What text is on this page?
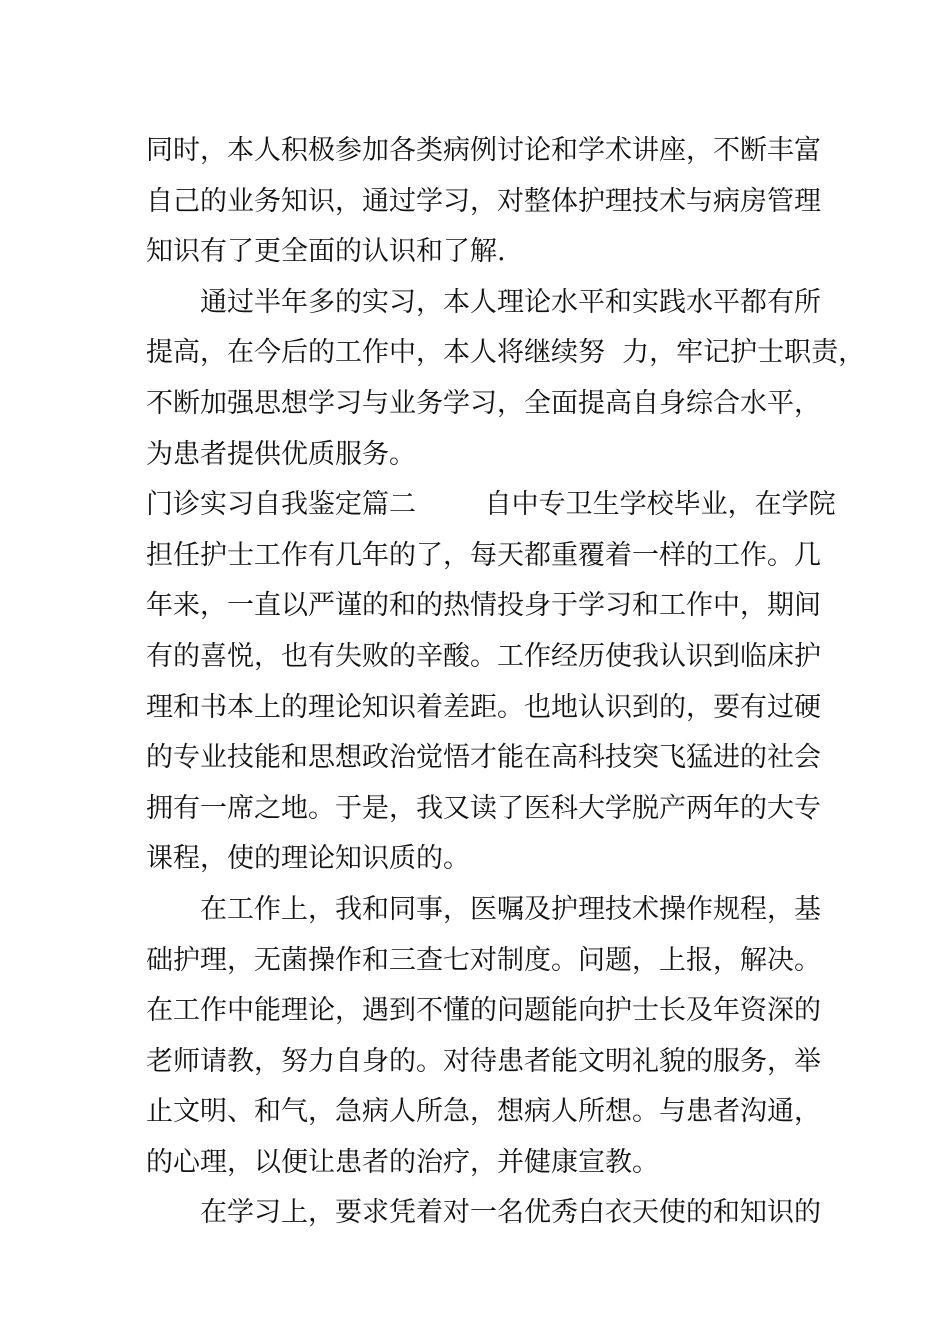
同时，本人积极参加各类病例讨论和学术讲座，不断丰富
自己的业务知识，通过学习，对整体护理技术与病房管理
知识有了更全面的认识和了解.
通过半年多的实习，本人理论水平和实践水平都有所
提高，在今后的工作中，本人将继续努  力，牢记护士职责，
不断加强思想学习与业务学习，全面提高自身综合水平，
为患者提供优质服务。
门诊实习自我鉴定篇二        自中专卫生学校毕业，在学院
担任护士工作有几年的了，每天都重覆着一样的工作。几
年来，一直以严谨的和的热情投身于学习和工作中，期间
有的喜悦，也有失败的辛酸。工作经历使我认识到临床护
理和书本上的理论知识着差距。也地认识到的，要有过硬
的专业技能和思想政治觉悟才能在高科技突飞猛进的社会
拥有一席之地。于是，我又读了医科大学脱产两年的大专
课程，使的理论知识质的。
在工作上，我和同事，医嘱及护理技术操作规程，基
础护理，无菌操作和三查七对制度。问题，上报，解决。
在工作中能理论，遇到不懂的问题能向护士长及年资深的
老师请教，努力自身的。对待患者能文明礼貌的服务，举
止文明、和气，急病人所急，想病人所想。与患者沟通，
的心理，以便让患者的治疗，并健康宣教。
在学习上，要求凭着对一名优秀白衣天使的和知识的
